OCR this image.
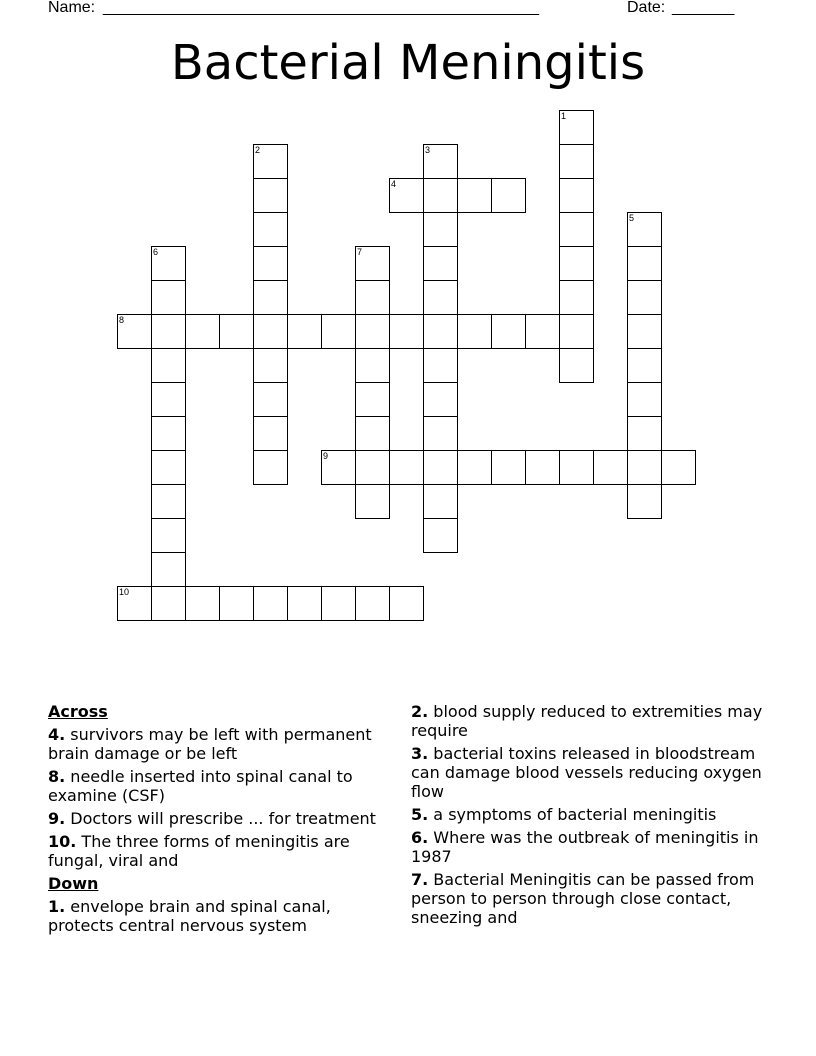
Name: _________________________________________________	Date: _______
Bacterial Meningitis
1
2	3
4
5
6	7
8
9
10
Across
4. survivors may be left with permanent brain damage or be left
8. needle inserted into spinal canal to examine (CSF)
9. Doctors will prescribe ... for treatment
10. The three forms of meningitis are fungal, viral and
Down
1. envelope brain and spinal canal, protects central nervous system
2. blood supply reduced to extremities may require
3. bacterial toxins released in bloodstream can damage blood vessels reducing oxygen flow
5. a symptoms of bacterial meningitis
6. Where was the outbreak of meningitis in 1987
7. Bacterial Meningitis can be passed from person to person through close contact, sneezing and
